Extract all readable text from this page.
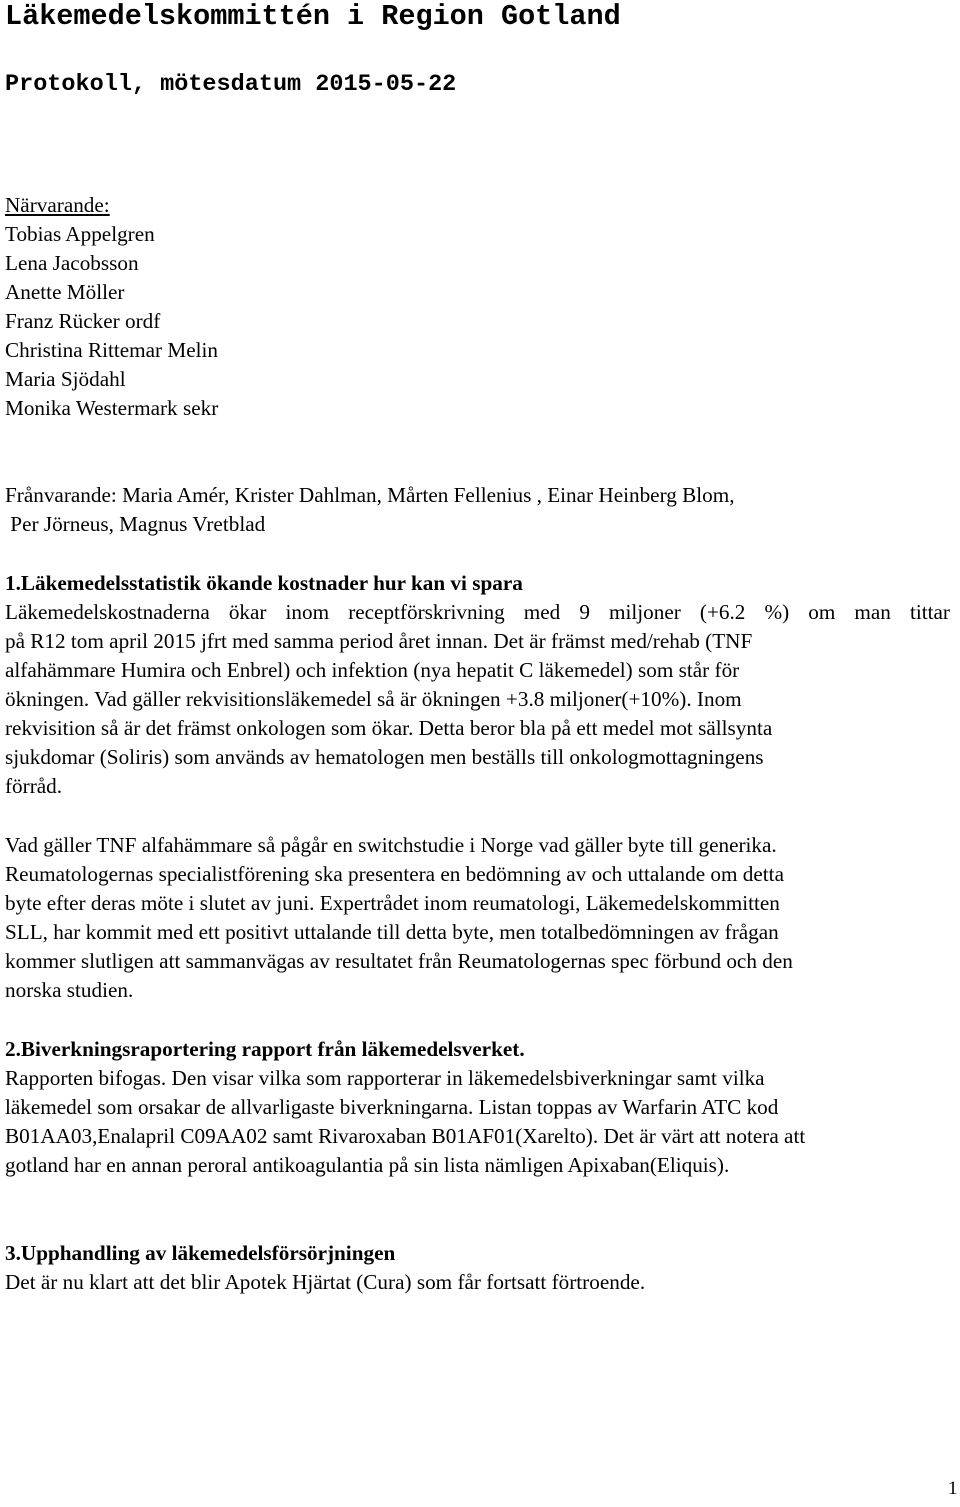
Läkemedelskommittén i Region Gotland
Protokoll, mötesdatum 2015-05-22
Närvarande:
Tobias Appelgren
Lena Jacobsson
Anette Möller
Franz Rücker ordf
Christina Rittemar Melin
Maria Sjödahl
Monika Westermark sekr
Frånvarande: Maria Amér, Krister Dahlman, Mårten Fellenius , Einar Heinberg Blom,
Per Jörneus, Magnus Vretblad
1.Läkemedelsstatistik ökande kostnader hur kan vi spara
Läkemedelskostnaderna ökar inom receptförskrivning med 9 miljoner (+6.2 %) om man tittar
på R12 tom april 2015 jfrt med samma period året innan. Det är främst med/rehab (TNF
alfahämmare Humira och Enbrel) och infektion (nya hepatit C läkemedel) som står för
ökningen. Vad gäller rekvisitionsläkemedel så är ökningen +3.8 miljoner(+10%). Inom
rekvisition så är det främst onkologen som ökar. Detta beror bla på ett medel mot sällsynta
sjukdomar (Soliris) som används av hematologen men beställs till onkologmottagningens
förråd.
Vad gäller TNF alfahämmare så pågår en switchstudie i Norge vad gäller byte till generika.
Reumatologernas specialistförening ska presentera en bedömning av och uttalande om detta
byte efter deras möte i slutet av juni. Expertrådet inom reumatologi, Läkemedelskommitten
SLL, har kommit med ett positivt uttalande till detta byte, men totalbedömningen av frågan
kommer slutligen att sammanvägas av resultatet från Reumatologernas spec förbund och den
norska studien.
2.Biverkningsraportering rapport från läkemedelsverket.
Rapporten bifogas. Den visar vilka som rapporterar in läkemedelsbiverkningar samt vilka
läkemedel som orsakar de allvarligaste biverkningarna. Listan toppas av Warfarin ATC kod
B01AA03,Enalapril C09AA02 samt Rivaroxaban B01AF01(Xarelto). Det är värt att notera att
gotland har en annan peroral antikoagulantia på sin lista nämligen Apixaban(Eliquis).
3.Upphandling av läkemedelsförsörjningen
Det är nu klart att det blir Apotek Hjärtat (Cura) som får fortsatt förtroende.
1
